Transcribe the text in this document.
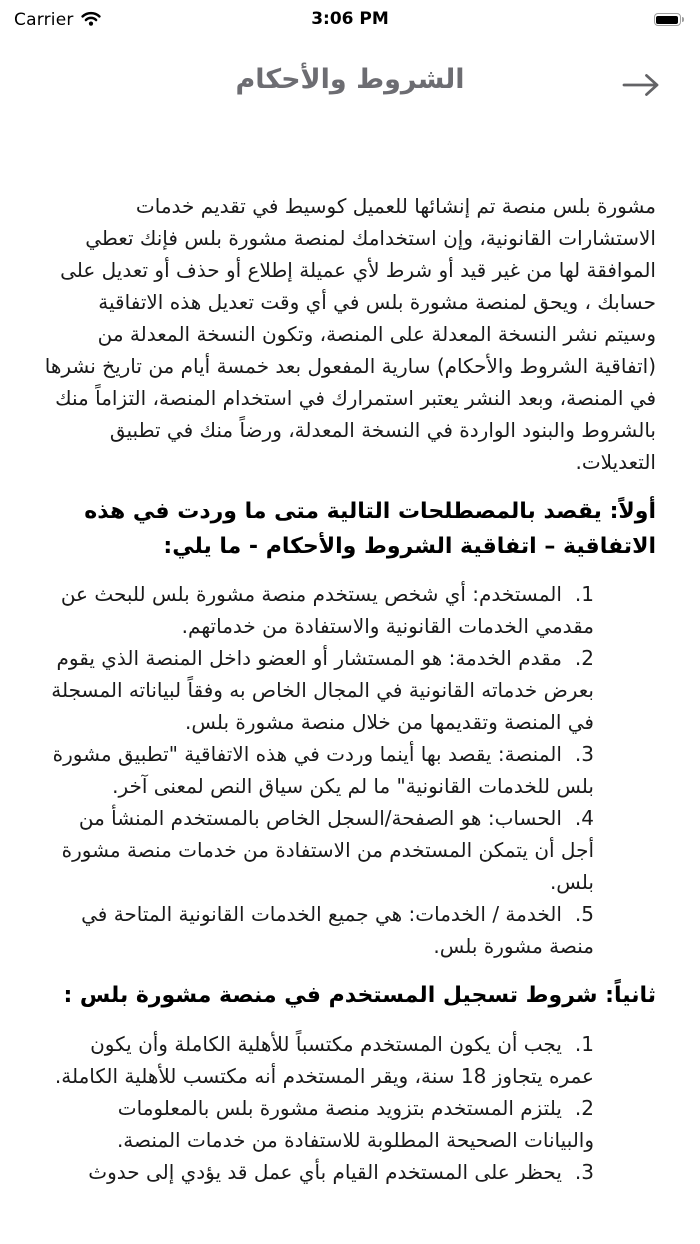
Carrier	3:06 PM
الشروط والأحكام

مشورة بلس منصة تم إنشائها للعميل كوسيط في تقديم خدمات الاستشارات القانونية، وإن استخدامك لمنصة مشورة بلس فإنك تعطي الموافقة لها من غير قيد أو شرط لأي عميلة إطلاع أو حذف أو تعديل على حسابك ، ويحق لمنصة مشورة بلس في أي وقت تعديل هذه الاتفاقية وسيتم نشر النسخة المعدلة على المنصة، وتكون النسخة المعدلة من (اتفاقية الشروط والأحكام) سارية المفعول بعد خمسة أيام من تاريخ نشرها في المنصة، وبعد النشر يعتبر استمرارك في استخدام المنصة، التزاماً منك بالشروط والبنود الواردة في النسخة المعدلة، ورضاً منك في تطبيق التعديلات.

أولاً: يقصد بالمصطلحات التالية متى ما وردت في هذه الاتفاقية – اتفاقية الشروط والأحكام - ما يلي:

1.المستخدم: أي شخص يستخدم منصة مشورة بلس للبحث عن مقدمي الخدمات القانونية والاستفادة من خدماتهم.

2.مقدم الخدمة: هو المستشار أو العضو داخل المنصة الذي يقوم بعرض خدماته القانونية في المجال الخاص به وفقاً لبياناته المسجلة في المنصة وتقديمها من خلال منصة مشورة بلس.

3.المنصة: يقصد بها أينما وردت في هذه الاتفاقية "تطبيق مشورة بلس للخدمات القانونية" ما لم يكن سياق النص لمعنى آخر.

4.الحساب: هو الصفحة/السجل الخاص بالمستخدم المنشأ من أجل أن يتمكن المستخدم من الاستفادة من خدمات منصة مشورة بلس.

5.الخدمة / الخدمات: هي جميع الخدمات القانونية المتاحة في منصة مشورة بلس.

ثانياً: شروط تسجيل المستخدم في منصة مشورة بلس :

1.يجب أن يكون المستخدم مكتسباً للأهلية الكاملة وأن يكون عمره يتجاوز 18 سنة، ويقر المستخدم أنه مكتسب للأهلية الكاملة.

2.يلتزم المستخدم بتزويد منصة مشورة بلس بالمعلومات والبيانات الصحيحة المطلوبة للاستفادة من خدمات المنصة.

3.يحظر على المستخدم القيام بأي عمل قد يؤدي إلى حدوث
